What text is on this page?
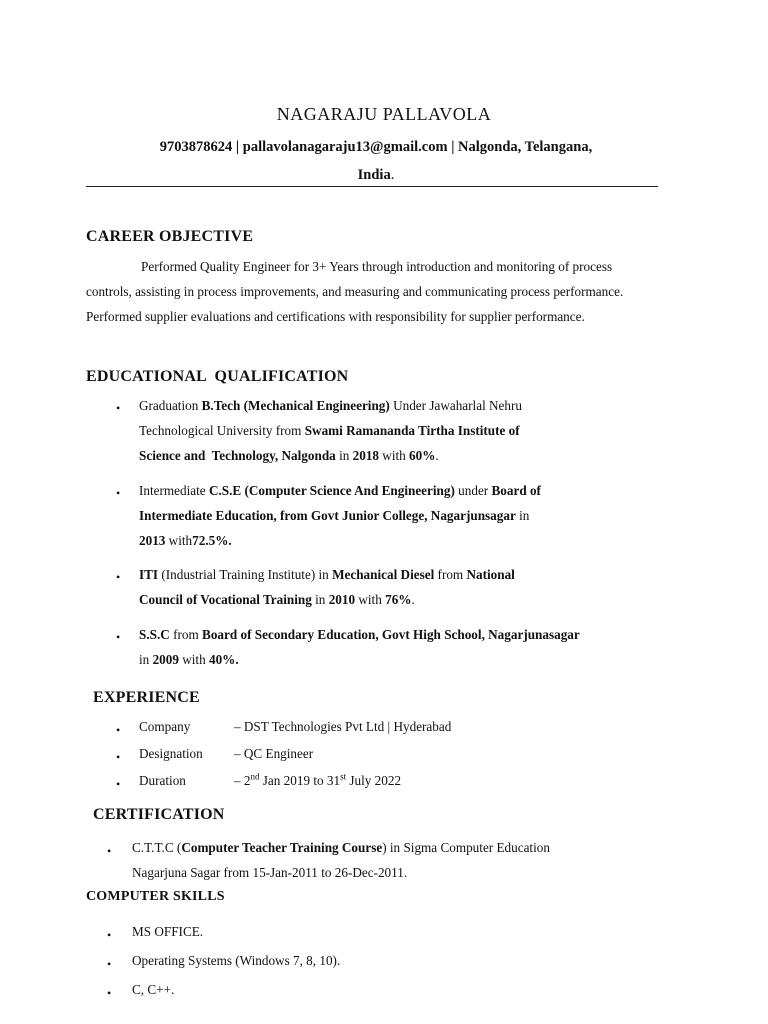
NAGARAJU PALLAVOLA
9703878624 | pallavolanagaraju13@gmail.com | Nalgonda, Telangana,
India.
CAREER OBJECTIVE
Performed Quality Engineer for 3+ Years through introduction and monitoring of process controls, assisting in process improvements, and measuring and communicating process performance. Performed supplier evaluations and certifications with responsibility for supplier performance.
EDUCATIONAL  QUALIFICATION
• Graduation B.Tech (Mechanical Engineering) Under Jawaharlal Nehru
Technological University from Swami Ramananda Tirtha Institute of
Science and  Technology, Nalgonda in 2018 with 60%.
• Intermediate C.S.E (Computer Science And Engineering) under Board of
Intermediate Education, from Govt Junior College, Nagarjunsagar in
2013 with72.5%.
• ITI (Industrial Training Institute) in Mechanical Diesel from National
Council of Vocational Training in 2010 with 76%.
• S.S.C from Board of Secondary Education, Govt High School, Nagarjunasagar
in 2009 with 40%.
EXPERIENCE
• Company	– DST Technologies Pvt Ltd | Hyderabad
• Designation – QC Engineer
• Duration	– 2nd Jan 2019 to 31st July 2022
CERTIFICATION
• C.T.T.C (Computer Teacher Training Course) in Sigma Computer Education
Nagarjuna Sagar from 15-Jan-2011 to 26-Dec-2011.
COMPUTER SKILLS
• MS OFFICE.
• Operating Systems (Windows 7, 8, 10).
• C, C++.
